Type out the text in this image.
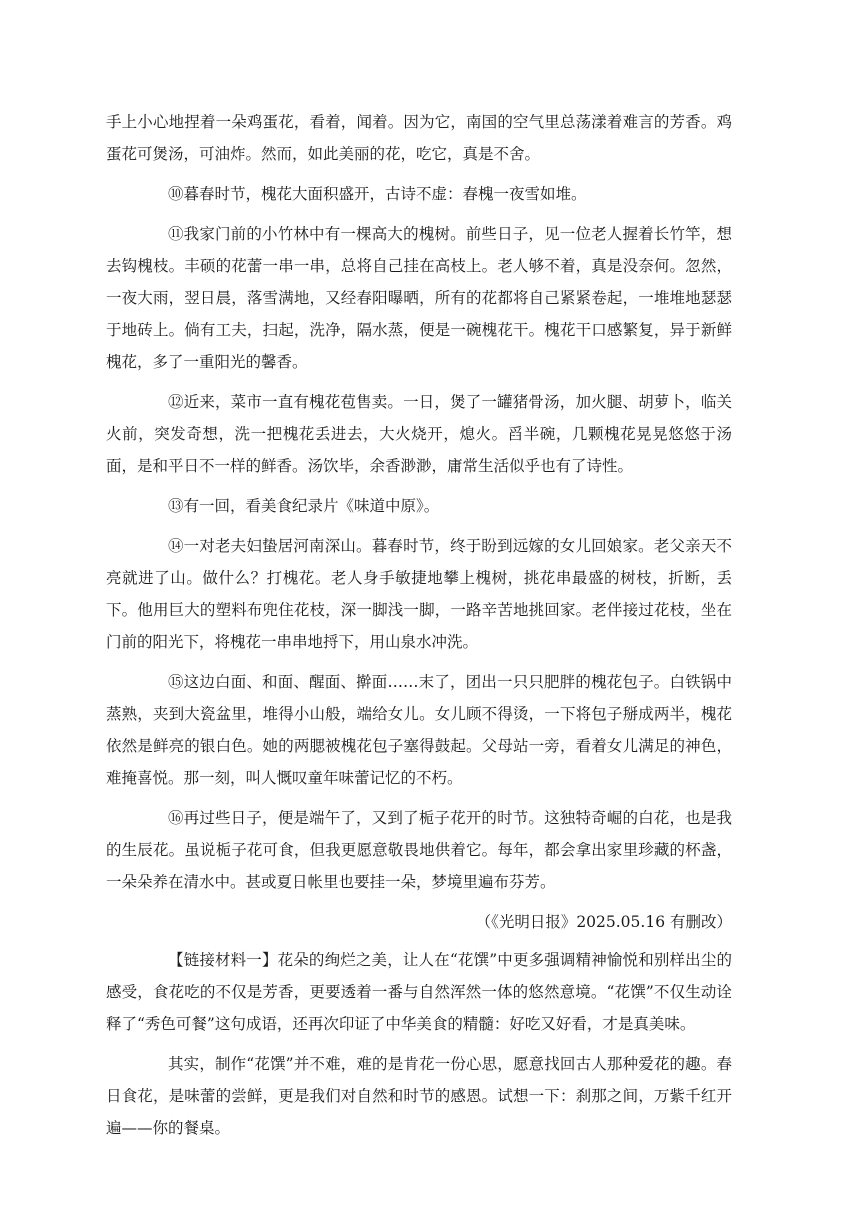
手上小心地捏着一朵鸡蛋花，看着，闻着。因为它，南国的空气里总荡漾着难言的芳香。鸡蛋花可煲汤，可油炸。然而，如此美丽的花，吃它，真是不舍。

⑩暮春时节，槐花大面积盛开，古诗不虚：春槐一夜雪如堆。

⑪我家门前的小竹林中有一棵高大的槐树。前些日子，见一位老人握着长竹竿，想去钩槐枝。丰硕的花蕾一串一串，总将自己挂在高枝上。老人够不着，真是没奈何。忽然，一夜大雨，翌日晨，落雪满地，又经春阳曝晒，所有的花都将自己紧紧卷起，一堆堆地瑟瑟于地砖上。倘有工夫，扫起，洗净，隔水蒸，便是一碗槐花干。槐花干口感繁复，异于新鲜槐花，多了一重阳光的馨香。

⑫近来，菜市一直有槐花苞售卖。一日，煲了一罐猪骨汤，加火腿、胡萝卜，临关火前，突发奇想，洗一把槐花丢进去，大火烧开，熄火。舀半碗，几颗槐花晃晃悠悠于汤面，是和平日不一样的鲜香。汤饮毕，余香渺渺，庸常生活似乎也有了诗性。

⑬有一回，看美食纪录片《味道中原》。

⑭一对老夫妇蛰居河南深山。暮春时节，终于盼到远嫁的女儿回娘家。老父亲天不亮就进了山。做什么？打槐花。老人身手敏捷地攀上槐树，挑花串最盛的树枝，折断，丢下。他用巨大的塑料布兜住花枝，深一脚浅一脚，一路辛苦地挑回家。老伴接过花枝，坐在门前的阳光下，将槐花一串串地捋下，用山泉水冲洗。

⑮这边白面、和面、醒面、擀面……末了，团出一只只肥胖的槐花包子。白铁锅中蒸熟，夹到大瓷盆里，堆得小山般，端给女儿。女儿顾不得烫，一下将包子掰成两半，槐花依然是鲜亮的银白色。她的两腮被槐花包子塞得鼓起。父母站一旁，看着女儿满足的神色，难掩喜悦。那一刻，叫人慨叹童年味蕾记忆的不朽。

⑯再过些日子，便是端午了，又到了栀子花开的时节。这独特奇崛的白花，也是我的生辰花。虽说栀子花可食，但我更愿意敬畏地供着它。每年，都会拿出家里珍藏的杯盏，一朵朵养在清水中。甚或夏日帐里也要挂一朵，梦境里遍布芬芳。

（《光明日报》2025.05.16 有删改）

【链接材料一】花朵的绚烂之美，让人在“花馔”中更多强调精神愉悦和别样出尘的感受，食花吃的不仅是芳香，更要透着一番与自然浑然一体的悠然意境。“花馔”不仅生动诠释了“秀色可餐”这句成语，还再次印证了中华美食的精髓：好吃又好看，才是真美味。

其实，制作“花馔”并不难，难的是肯花一份心思，愿意找回古人那种爱花的趣。春日食花，是味蕾的尝鲜，更是我们对自然和时节的感恩。试想一下：刹那之间，万紫千红开遍——你的餐桌。
